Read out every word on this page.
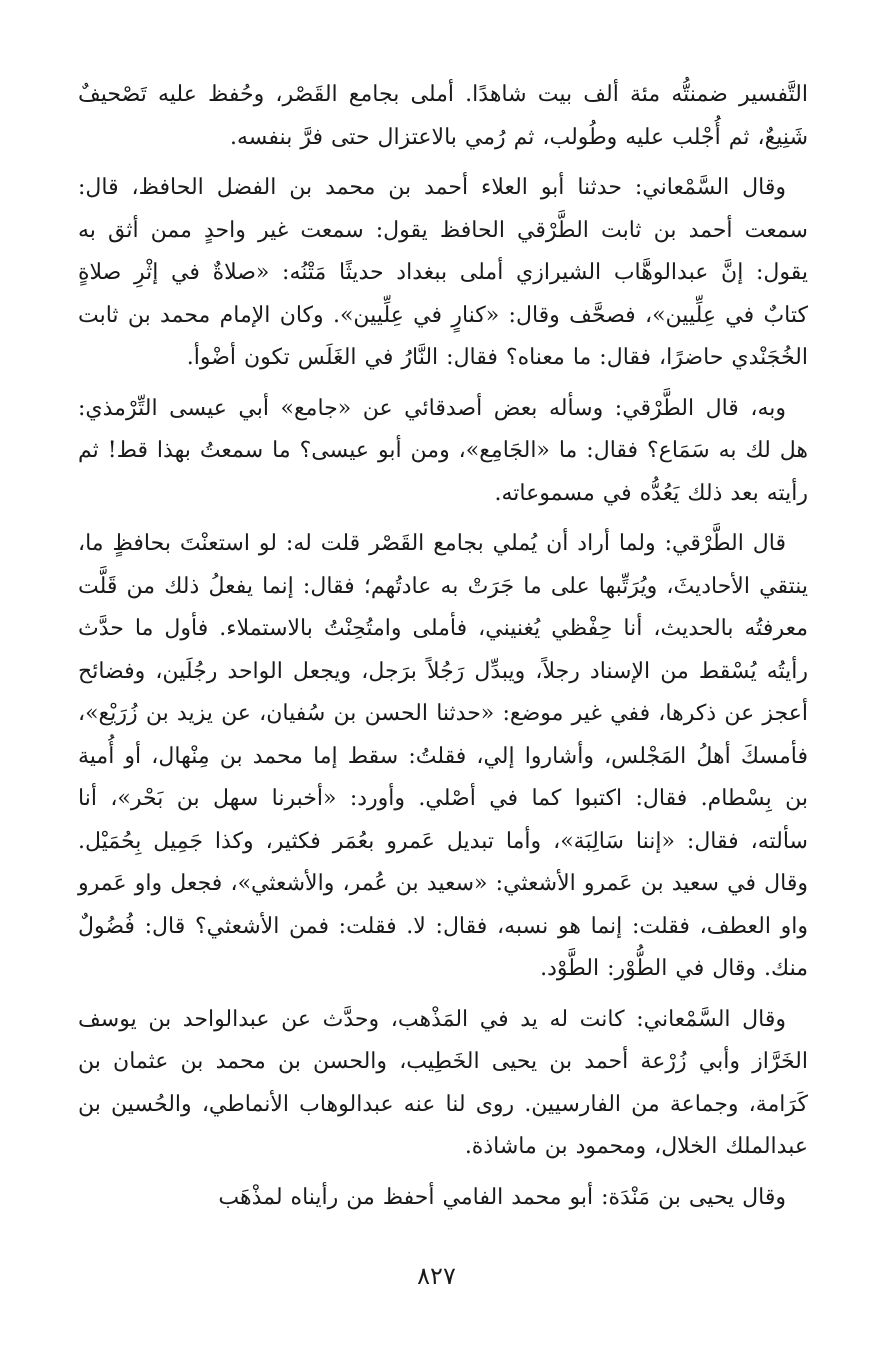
التَّفسير ضمنتُّه مئة ألف بيت شاهدًا. أملى بجامع القَصْر، وحُفظ عليه تَصْحيفٌ شَنِيعٌ، ثم أُجْلب عليه وطُولب، ثم رُمي بالاعتزال حتى فرَّ بنفسه.

وقال السَّمْعاني: حدثنا أبو العلاء أحمد بن محمد بن الفضل الحافظ، قال: سمعت أحمد بن ثابت الطَّرْقي الحافظ يقول: سمعت غير واحدٍ ممن أثق به يقول: إنَّ عبدالوهَّاب الشيرازي أملى ببغداد حديثًا مَتْنُه: «صلاةٌ في إثْرِ صلاةٍ كتابٌ في عِلِّيين»، فصحَّف وقال: «كنارٍ في عِلِّيين». وكان الإمام محمد بن ثابت الخُجَنْدي حاضرًا، فقال: ما معناه؟ فقال: النَّارُ في الغَلَس تكون أضْوأ.

وبه، قال الطَّرْقي: وسأله بعض أصدقائي عن «جامع» أبي عيسى التِّرْمذي: هل لك به سَمَاع؟ فقال: ما «الجَامِع»، ومن أبو عيسى؟ ما سمعتُ بهذا قط! ثم رأيته بعد ذلك يَعُدُّه في مسموعاته.

قال الطَّرْقي: ولما أراد أن يُملي بجامع القَصْر قلت له: لو استعنْتَ بحافظٍ ما، ينتقي الأحاديثَ، ويُرَتِّبها على ما جَرَتْ به عادتُهم؛ فقال: إنما يفعلُ ذلك من قَلَّت معرفتُه بالحديث، أنا حِفْظي يُغنيني، فأملى وامتُحِنْتُ بالاستملاء. فأول ما حدَّث رأيتُه يُسْقط من الإسناد رجلاً، ويبدِّل رَجُلاً برَجل، ويجعل الواحد رجُلَين، وفضائح أعجز عن ذكرها، ففي غير موضع: «حدثنا الحسن بن سُفيان، عن يزيد بن زُرَيْع»، فأمسكَ أهلُ المَجْلس، وأشاروا إلي، فقلتُ: سقط إما محمد بن مِنْهال، أو أُمية بن بِسْطام. فقال: اكتبوا كما في أصْلي. وأورد: «أخبرنا سهل بن بَحْر»، أنا سألته، فقال: «إننا سَالِبَة»، وأما تبديل عَمرو بعُمَر فكثير، وكذا جَمِيل بِحُمَيْل. وقال في سعيد بن عَمرو الأشعثي: «سعيد بن عُمر، والأشعثي»، فجعل واو عَمرو واو العطف، فقلت: إنما هو نسبه، فقال: لا. فقلت: فمن الأشعثي؟ قال: فُضُولٌ منك. وقال في الطُّوْر: الطَّوْد.

وقال السَّمْعاني: كانت له يد في المَذْهب، وحدَّث عن عبدالواحد بن يوسف الخَرَّاز وأبي زُرْعة أحمد بن يحيى الخَطِيب، والحسن بن محمد بن عثمان بن كَرَامة، وجماعة من الفارسيين. روى لنا عنه عبدالوهاب الأنماطي، والحُسين بن عبدالملك الخلال، ومحمود بن ماشاذة.

وقال يحيى بن مَنْدَة: أبو محمد الفامي أحفظ من رأيناه لمذْهَب

٨٢٧
